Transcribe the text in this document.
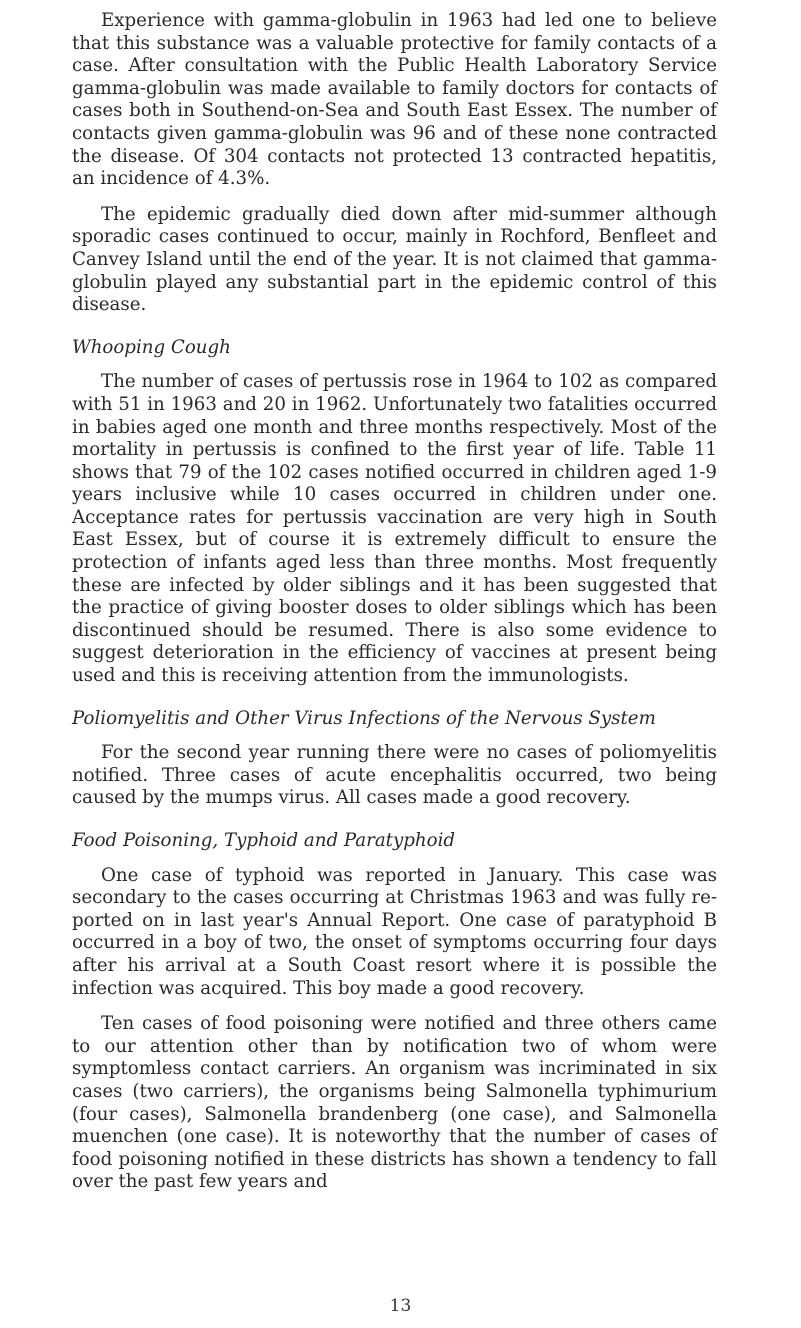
Experience with gamma-globulin in 1963 had led one to believe that this substance was a valuable protective for family contacts of a case. After consultation with the Public Health Laboratory Service gamma-globulin was made available to family doctors for contacts of cases both in Southend-on-Sea and South East Essex. The number of contacts given gamma-globulin was 96 and of these none contracted the disease. Of 304 contacts not protected 13 contracted hepatitis, an incidence of 4.3%.

The epidemic gradually died down after mid-summer although sporadic cases continued to occur, mainly in Rochford, Benfleet and Canvey Island until the end of the year. It is not claimed that gamma-globulin played any substantial part in the epidemic control of this disease.

Whooping Cough

The number of cases of pertussis rose in 1964 to 102 as compared with 51 in 1963 and 20 in 1962. Unfortunately two fatalities occurred in babies aged one month and three months respectively. Most of the mortality in pertussis is confined to the first year of life. Table 11 shows that 79 of the 102 cases notified occurred in children aged 1-9 years inclusive while 10 cases occurred in children under one. Acceptance rates for pertussis vaccination are very high in South East Essex, but of course it is extremely difficult to ensure the protection of infants aged less than three months. Most frequently these are infected by older siblings and it has been suggested that the practice of giving booster doses to older siblings which has been discontinued should be resumed. There is also some evidence to suggest deterioration in the efficiency of vaccines at present being used and this is receiving attention from the immunologists.

Poliomyelitis and Other Virus Infections of the Nervous System

For the second year running there were no cases of poliomyelitis notified. Three cases of acute encephalitis occurred, two being caused by the mumps virus. All cases made a good recovery.

Food Poisoning, Typhoid and Paratyphoid

One case of typhoid was reported in January. This case was secondary to the cases occurring at Christmas 1963 and was fully re-ported on in last year's Annual Report. One case of paratyphoid B occurred in a boy of two, the onset of symptoms occurring four days after his arrival at a South Coast resort where it is possible the infection was acquired. This boy made a good recovery.

Ten cases of food poisoning were notified and three others came to our attention other than by notification two of whom were symptomless contact carriers. An organism was incriminated in six cases (two carriers), the organisms being Salmonella typhimurium (four cases), Salmonella brandenberg (one case), and Salmonella muenchen (one case). It is noteworthy that the number of cases of food poisoning notified in these districts has shown a tendency to fall over the past few years and

13
